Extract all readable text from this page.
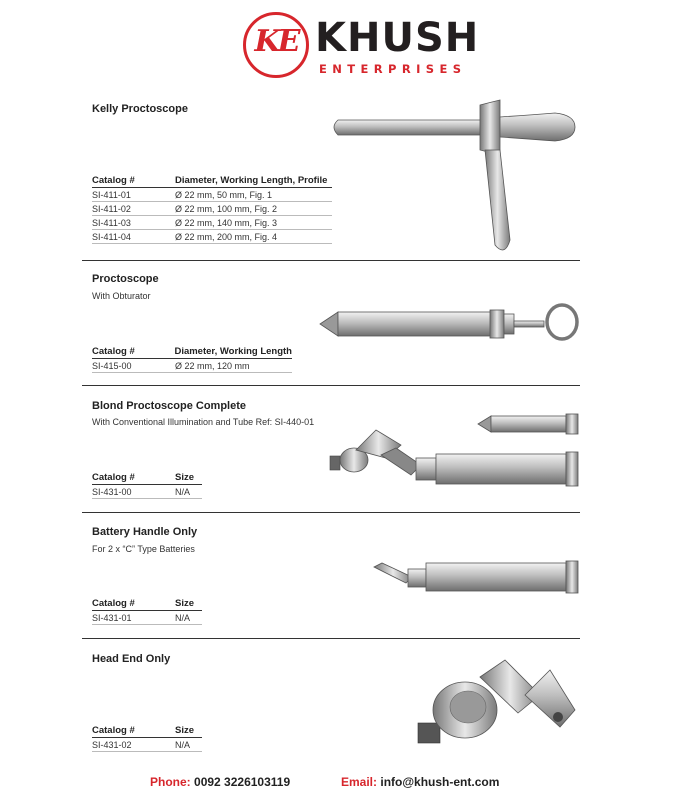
KE KHUSH
ENTERPRISES
Kelly Proctoscope
Catalog #	Diameter, Working Length, Profile
SI-411-01	Ø 22 mm, 50 mm, Fig. 1
SI-411-02	Ø 22 mm, 100 mm, Fig. 2
SI-411-03	Ø 22 mm, 140 mm, Fig. 3
SI-411-04	Ø 22 mm, 200 mm, Fig. 4
Proctoscope
With Obturator
Catalog #	Diameter, Working Length
SI-415-00	Ø 22 mm, 120 mm
Blond Proctoscope Complete
With Conventional Illumination and Tube Ref: SI-440-01
Catalog #	Size
SI-431-00	N/A
Battery Handle Only
For 2 x “C” Type Batteries
Catalog #	Size
SI-431-01	N/A
Head End Only
Catalog #	Size
SI-431-02	N/A
Phone: 0092 3226103119	Email: info@khush-ent.com
